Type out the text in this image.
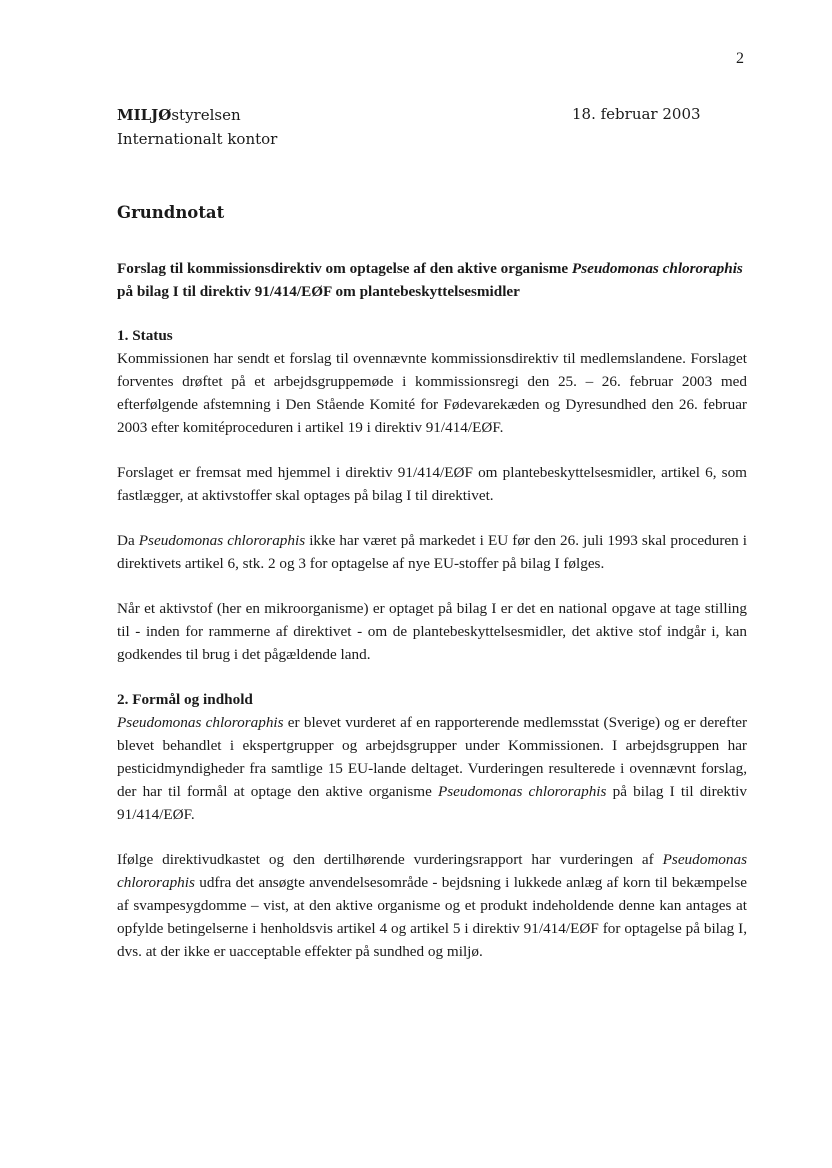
2
MILJØstyrelsen
Internationalt kontor
18. februar 2003
Grundnotat

Forslag til kommissionsdirektiv om optagelse af den aktive organisme Pseudomonas chlororaphis på bilag I til direktiv 91/414/EØF om plantebeskyttelsesmidler

1. Status

Kommissionen har sendt et forslag til ovennævnte kommissionsdirektiv til medlemslandene. Forslaget forventes drøftet på et arbejdsgruppemøde i kommissionsregi den 25. – 26. februar 2003 med efterfølgende afstemning i Den Stående Komité for Fødevarekæden og Dyresundhed den 26. februar 2003 efter komitéproceduren i artikel 19 i direktiv 91/414/EØF.

Forslaget er fremsat med hjemmel i direktiv 91/414/EØF om plantebeskyttelsesmidler, artikel 6, som fastlægger, at aktivstoffer skal optages på bilag I til direktivet.

Da Pseudomonas chlororaphis ikke har været på markedet i EU før den 26. juli 1993 skal proceduren i direktivets artikel 6, stk. 2 og 3 for optagelse af nye EU-stoffer på bilag I følges.

Når et aktivstof (her en mikroorganisme) er optaget på bilag I er det en national opgave at tage stilling til - inden for rammerne af direktivet - om de plantebeskyttelsesmidler, det aktive stof indgår i, kan godkendes til brug i det pågældende land.

2. Formål og indhold

Pseudomonas chlororaphis er blevet vurderet af en rapporterende medlemsstat (Sverige) og er derefter blevet behandlet i ekspertgrupper og arbejdsgrupper under Kommissionen. I arbejdsgruppen har pesticidmyndigheder fra samtlige 15 EU-lande deltaget. Vurderingen resulterede i ovennævnt forslag, der har til formål at optage den aktive organisme Pseudomonas chlororaphis på bilag I til direktiv 91/414/EØF.

Ifølge direktivudkastet og den dertilhørende vurderingsrapport har vurderingen af Pseudomonas chlororaphis udfra det ansøgte anvendelsesområde - bejdsning i lukkede anlæg af korn til bekæmpelse af svampesygdomme – vist, at den aktive organisme og et produkt indeholdende denne kan antages at opfylde betingelserne i henholdsvis artikel 4 og artikel 5 i direktiv 91/414/EØF for optagelse på bilag I, dvs. at der ikke er uacceptable effekter på sundhed og miljø.
